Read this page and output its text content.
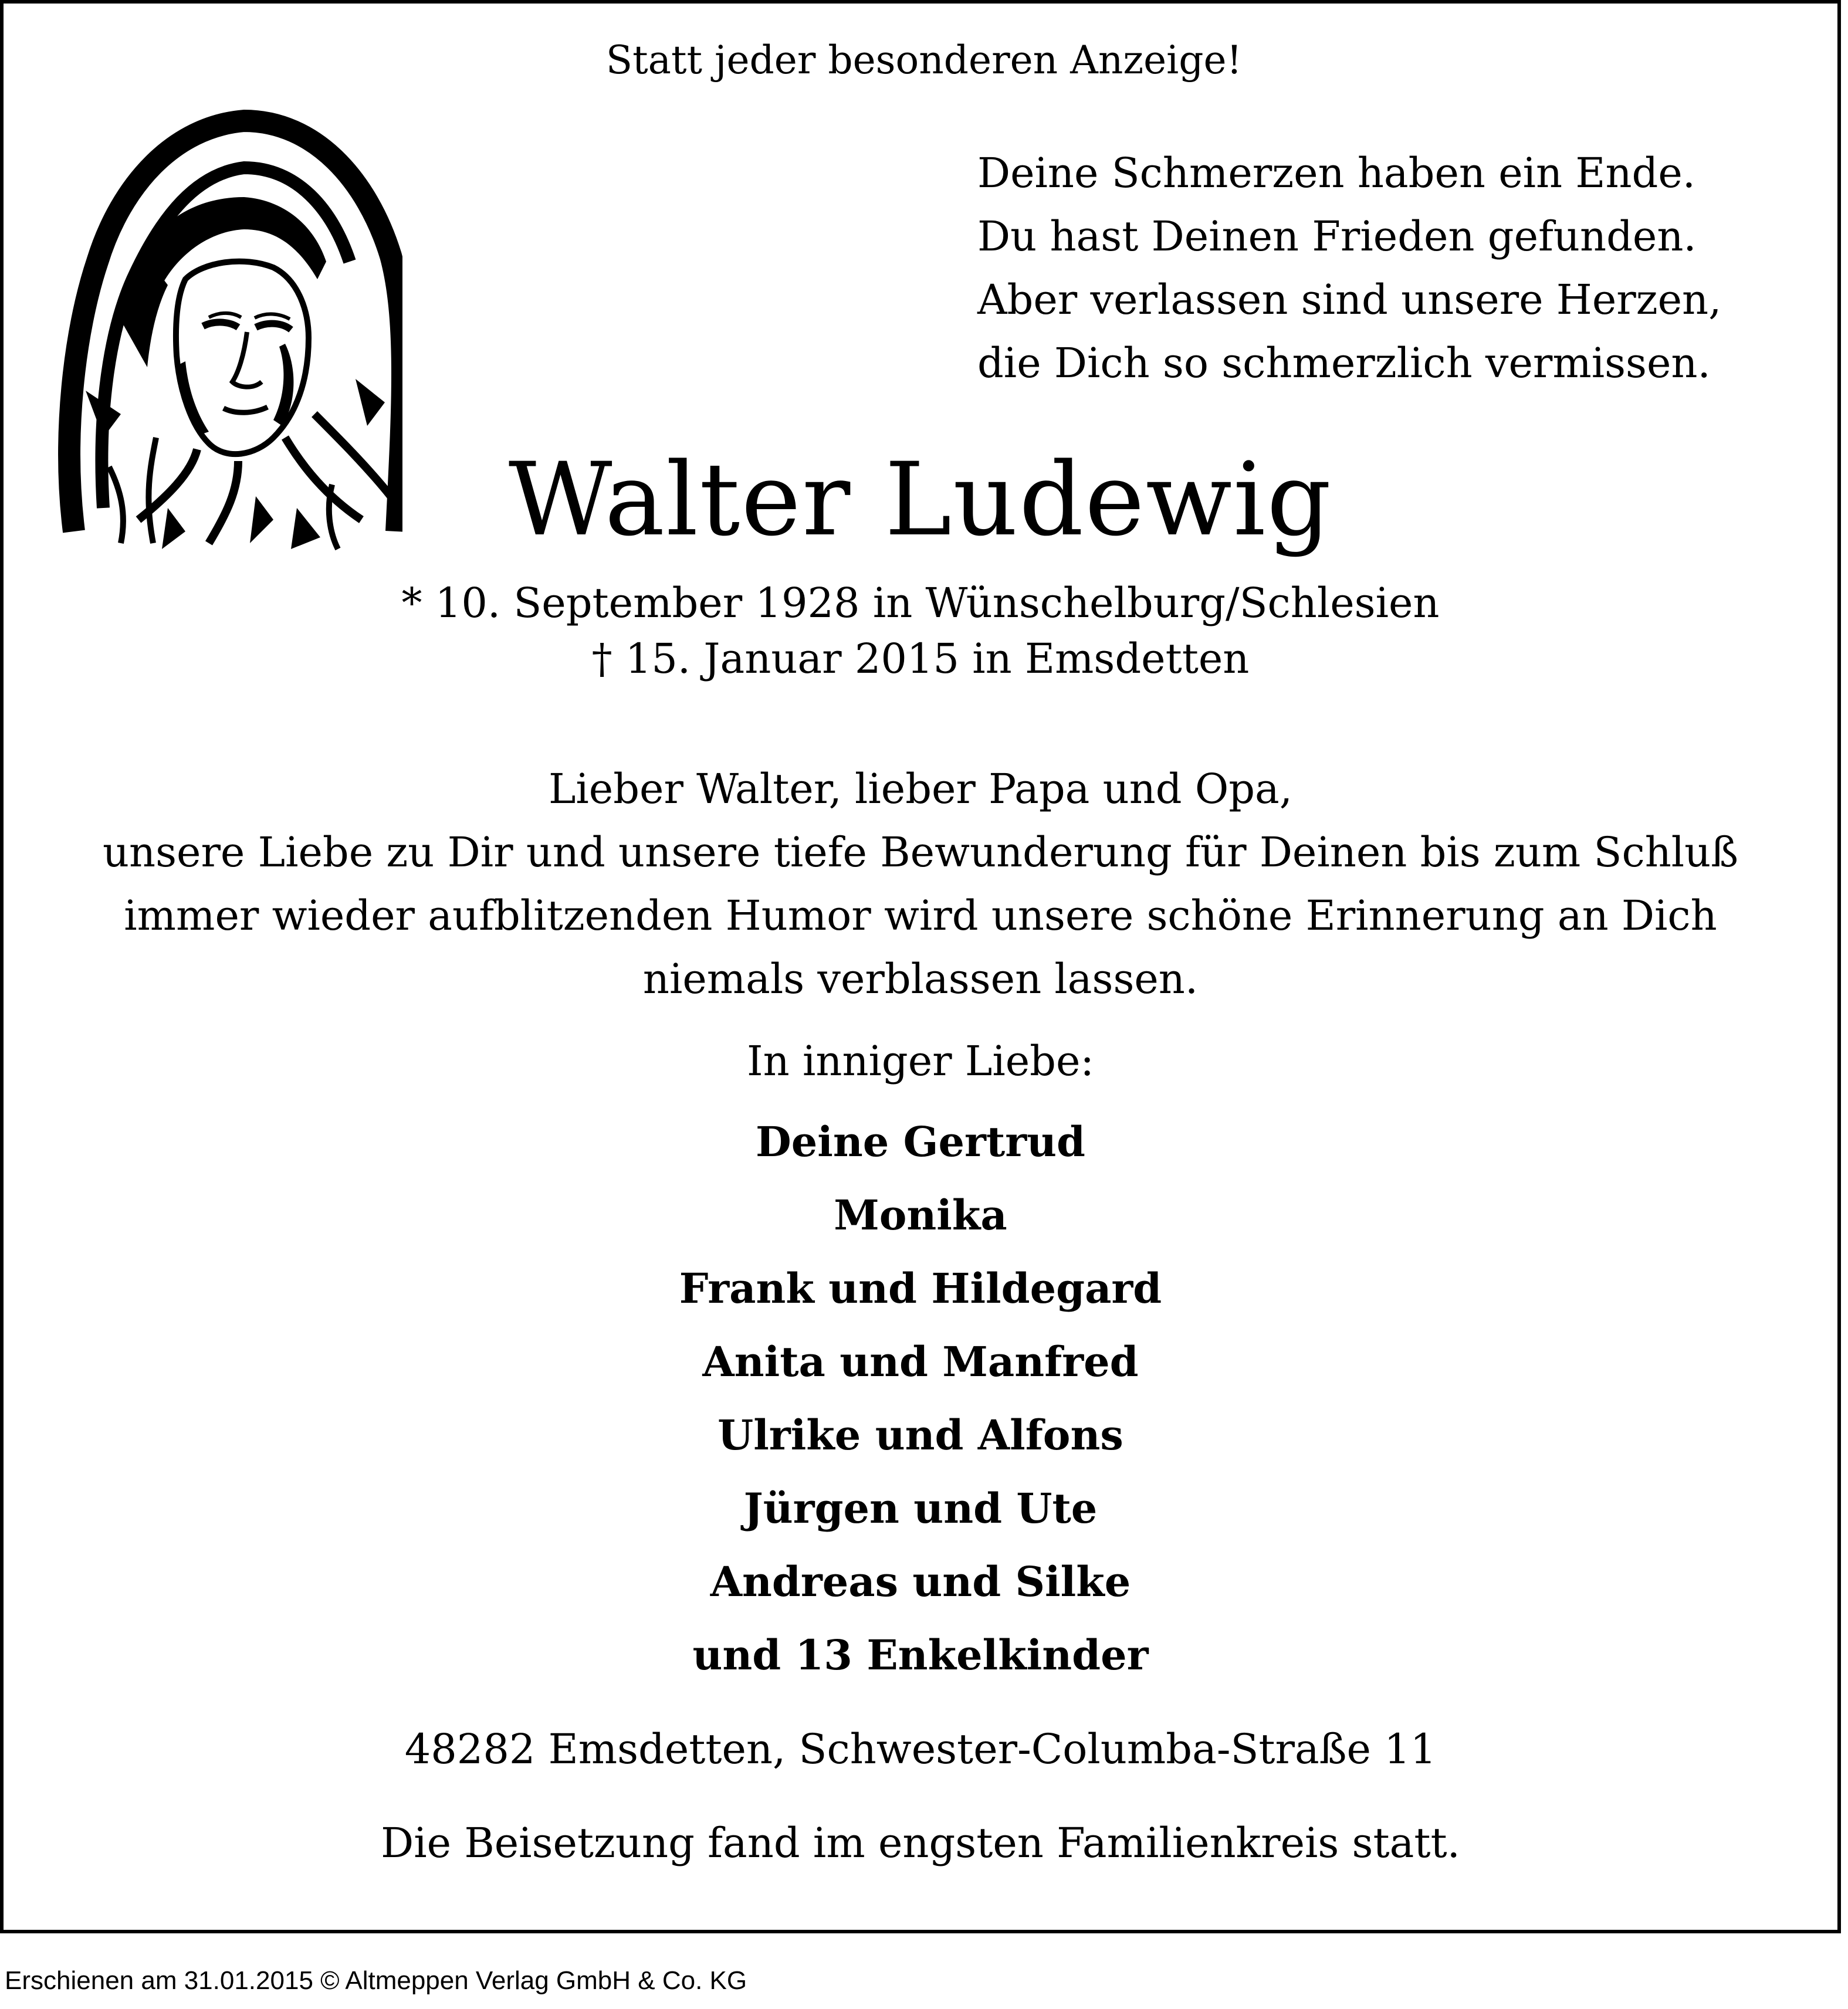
Statt jeder besonderen Anzeige!
Deine Schmerzen haben ein Ende.
Du hast Deinen Frieden gefunden.
Aber verlassen sind unsere Herzen,
die Dich so schmerzlich vermissen.
Walter Ludewig
* 10. September 1928 in Wünschelburg/Schlesien
† 15. Januar 2015 in Emsdetten
Lieber Walter, lieber Papa und Opa,
unsere Liebe zu Dir und unsere tiefe Bewunderung für Deinen bis zum Schluß
immer wieder aufblitzenden Humor wird unsere schöne Erinnerung an Dich
niemals verblassen lassen.
In inniger Liebe:
Deine Gertrud
Monika
Frank und Hildegard
Anita und Manfred
Ulrike und Alfons
Jürgen und Ute
Andreas und Silke
und 13 Enkelkinder
48282 Emsdetten, Schwester-Columba-Straße 11
Die Beisetzung fand im engsten Familienkreis statt.
Erschienen am 31.01.2015 © Altmeppen Verlag GmbH & Co. KG
